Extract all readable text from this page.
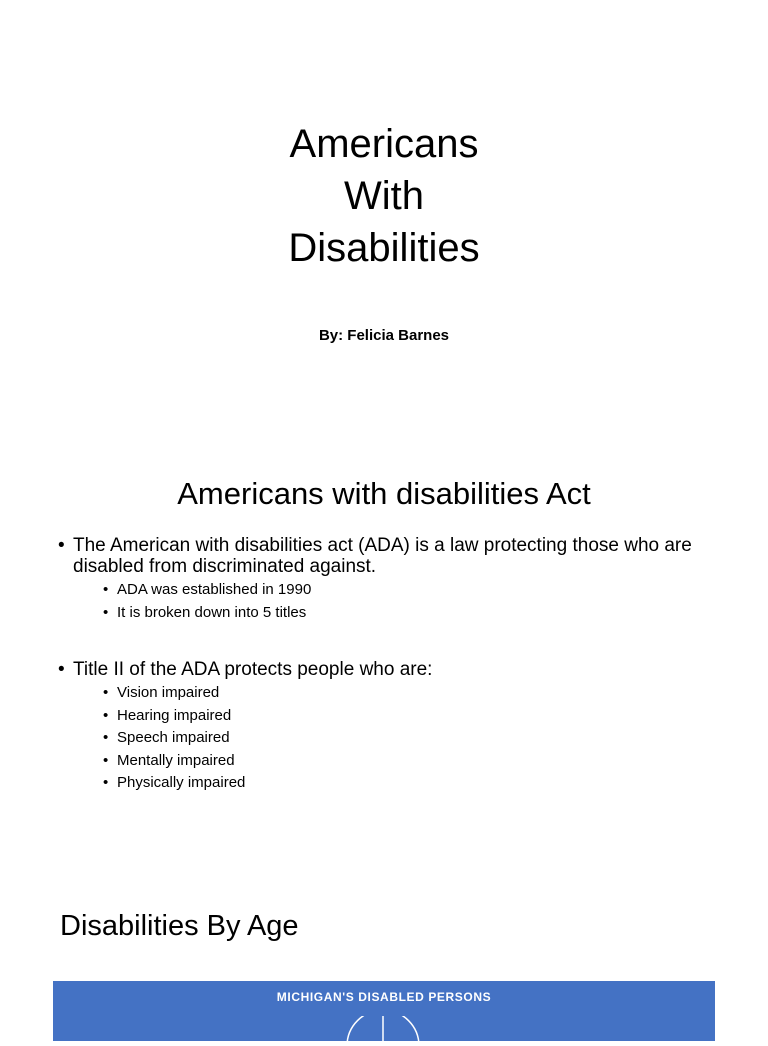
Americans
With
Disabilities
By: Felicia Barnes
Americans with disabilities Act
• The American with disabilities act (ADA) is a law protecting those who are disabled from discriminated against.
• ADA was established in 1990
• It is broken down into 5 titles
• Title II of the ADA protects people who are:
• Vision impaired
• Hearing impaired
• Speech impaired
• Mentally impaired
• Physically impaired
Disabilities By Age
MICHIGAN'S DISABLED PERSONS
